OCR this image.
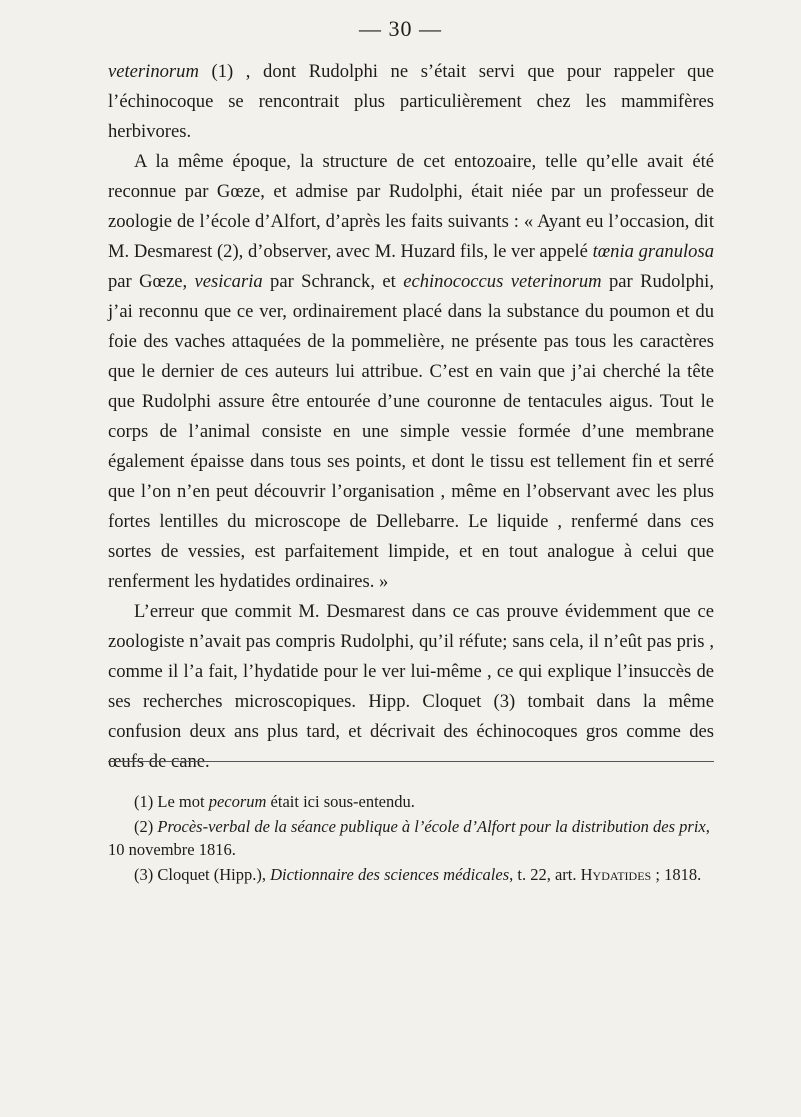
— 30 —

veterinorum (1) , dont Rudolphi ne s’était servi que pour rappeler que l’échinocoque se rencontrait plus particulièrement chez les mammifères herbivores.

A la même époque, la structure de cet entozoaire, telle qu’elle avait été reconnue par Gœze, et admise par Rudolphi, était niée par un professeur de zoologie de l’école d’Alfort, d’après les faits suivants : « Ayant eu l’occasion, dit M. Desmarest (2), d’observer, avec M. Huzard fils, le ver appelé tœnia granulosa par Gœze, vesicaria par Schranck, et echinococcus veterinorum par Rudolphi, j’ai reconnu que ce ver, ordinairement placé dans la substance du poumon et du foie des vaches attaquées de la pommelière, ne présente pas tous les caractères que le dernier de ces auteurs lui attribue. C’est en vain que j’ai cherché la tête que Rudolphi assure être entourée d’une couronne de tentacules aigus. Tout le corps de l’animal consiste en une simple vessie formée d’une membrane également épaisse dans tous ses points, et dont le tissu est tellement fin et serré que l’on n’en peut découvrir l’organisation , même en l’observant avec les plus fortes lentilles du microscope de Dellebarre. Le liquide , renfermé dans ces sortes de vessies, est parfaitement limpide, et en tout analogue à celui que renferment les hydatides ordinaires. »

L’erreur que commit M. Desmarest dans ce cas prouve évidemment que ce zoologiste n’avait pas compris Rudolphi, qu’il réfute; sans cela, il n’eût pas pris , comme il l’a fait, l’hydatide pour le ver lui-même , ce qui explique l’insuccès de ses recherches microscopiques. Hipp. Cloquet (3) tombait dans la même confusion deux ans plus tard, et décrivait des échinocoques gros comme des œufs de cane.

(1) Le mot pecorum était ici sous-entendu.

(2) Procès-verbal de la séance publique à l’école d’Alfort pour la distribution des prix, 10 novembre 1816.

(3) Cloquet (Hipp.), Dictionnaire des sciences médicales, t. 22, art. Hydatides ; 1818.
